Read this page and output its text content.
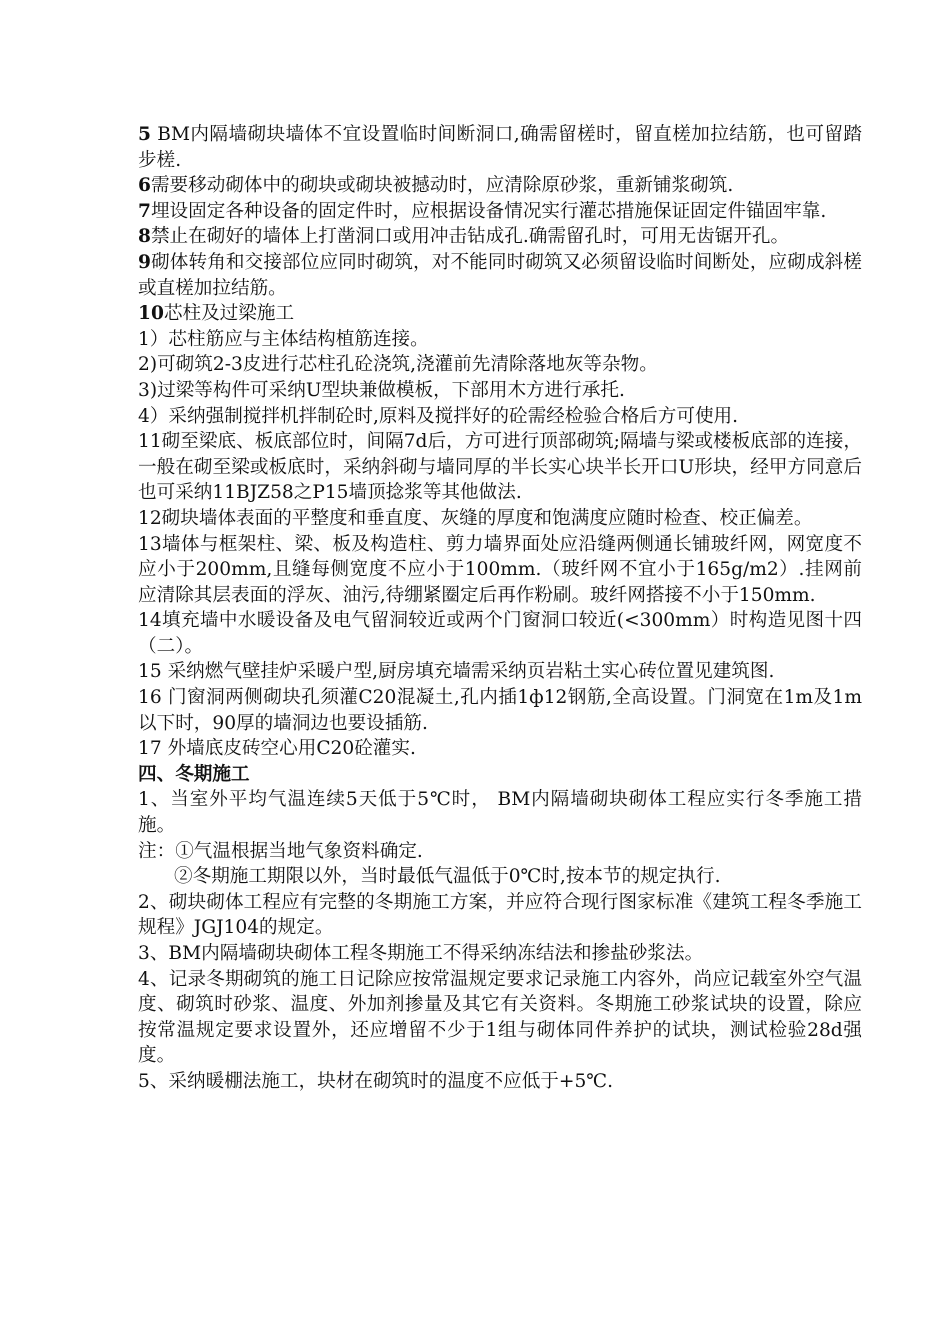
5 BM内隔墙砌块墙体不宜设置临时间断洞口,确需留槎时，留直槎加拉结筋，也可留踏步槎.

6需要移动砌体中的砌块或砌块被撼动时，应清除原砂浆，重新铺浆砌筑.

7埋设固定各种设备的固定件时，应根据设备情况实行灌芯措施保证固定件锚固牢靠.

8禁止在砌好的墙体上打凿洞口或用冲击钻成孔.确需留孔时，可用无齿锯开孔。

9砌体转角和交接部位应同时砌筑，对不能同时砌筑又必须留设临时间断处，应砌成斜槎或直槎加拉结筋。

10芯柱及过梁施工

1）芯柱筋应与主体结构植筋连接。

2)可砌筑2-3皮进行芯柱孔砼浇筑,浇灌前先清除落地灰等杂物。

3)过梁等构件可采纳U型块兼做模板，下部用木方进行承托.

4）采纳强制搅拌机拌制砼时,原料及搅拌好的砼需经检验合格后方可使用.

11砌至梁底、板底部位时，间隔7d后，方可进行顶部砌筑;隔墙与梁或楼板底部的连接，一般在砌至梁或板底时，采纳斜砌与墙同厚的半长实心块半长开口U形块，经甲方同意后也可采纳11BJZ58之P15墙顶捻浆等其他做法.

12砌块墙体表面的平整度和垂直度、灰缝的厚度和饱满度应随时检查、校正偏差。

13墙体与框架柱、梁、板及构造柱、剪力墙界面处应沿缝两侧通长铺玻纤网，网宽度不应小于200mm,且缝每侧宽度不应小于100mm.（玻纤网不宜小于165g/m2）.挂网前应清除其层表面的浮灰、油污,待绷紧圈定后再作粉刷。玻纤网搭接不小于150mm.

14填充墙中水暖设备及电气留洞较近或两个门窗洞口较近(<300mm）时构造见图十四（二）。

15 采纳燃气壁挂炉采暖户型,厨房填充墙需采纳页岩粘土实心砖位置见建筑图.

16 门窗洞两侧砌块孔须灌C20混凝土,孔内插1ф12钢筋,全高设置。门洞宽在1m及1m以下时，90厚的墙洞边也要设插筋.

17 外墙底皮砖空心用C20砼灌实.

四、冬期施工

1、当室外平均气温连续5天低于5℃时， BM内隔墙砌块砌体工程应实行冬季施工措施。

注：①气温根据当地气象资料确定.

②冬期施工期限以外，当时最低气温低于0℃时,按本节的规定执行.

2、砌块砌体工程应有完整的冬期施工方案，并应符合现行图家标准《建筑工程冬季施工规程》JGJ104的规定。

3、BM内隔墙砌块砌体工程冬期施工不得采纳冻结法和掺盐砂浆法。

4、记录冬期砌筑的施工日记除应按常温规定要求记录施工内容外，尚应记载室外空气温度、砌筑时砂浆、温度、外加剂掺量及其它有关资料。冬期施工砂浆试块的设置，除应按常温规定要求设置外，还应增留不少于1组与砌体同件养护的试块，测试检验28d强度。

5、采纳暖棚法施工，块材在砌筑时的温度不应低于+5℃.
